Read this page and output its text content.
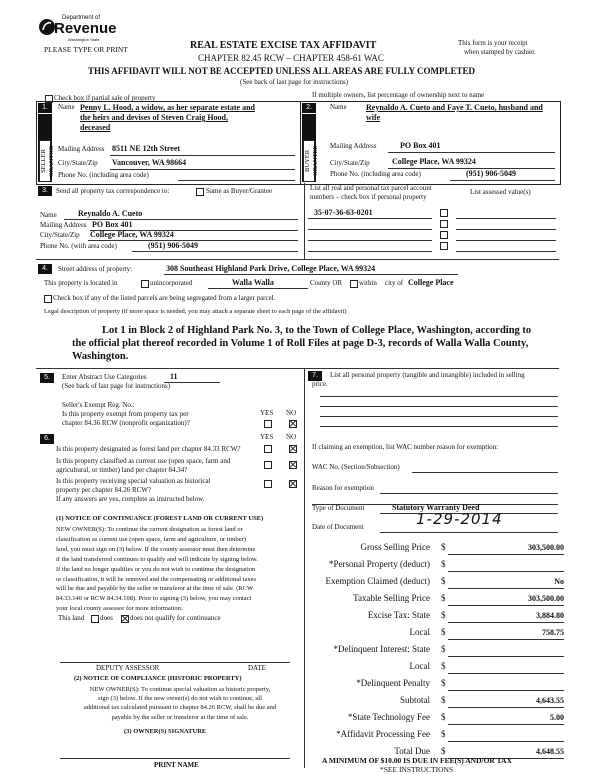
Department of
Revenue
Washington State
PLEASE TYPE OR PRINT	REAL ESTATE EXCISE TAX AFFIDAVIT
CHAPTER 82.45 RCW – CHAPTER 458-61 WAC
This form is your receipt
when stamped by cashier.
THIS AFFIDAVIT WILL NOT BE ACCEPTED UNLESS ALL AREAS ARE FULLY COMPLETED
(See back of last page for instructions)
Check box if partial sale of property	If multiple owners, list percentage of ownership next to name
1.
SELLER GRANTOR
Name Penny L. Hood, a widow, as her separate estate and
the heirs and devises of Steven Craig Hood,
deceased
Mailing Address 8511 NE 12th Street
City/State/Zip Vancouver, WA 98664
Phone No. (including area code)
2.
BUYER GRANTEE
Name Reynaldo A. Cueto and Faye T. Cueto, husband and
wife
Mailing Address	PO Box 401
City/State/Zip	College Place, WA 99324
Phone No. (including area code)	(951) 906-5049
3.	Send all property tax correspondence to:	Same as Buyer/Grantee	List all real and personal tax parcel account
numbers – check box if personal property
List assessed value(s)
Name	Reynaldo A. Cueto
Mailing Address PO Box 401
City/State/Zip College Place, WA 99324
Phone No. (with area code)	(951) 906-5049
35-07-36-63-0201
4.	Street address of property:	308 Southeast Highland Park Drive, College Place, WA 99324
This property is located in	unincorporated	Walla Walla	County OR within city of College Place
Check box if any of the listed parcels are being segregated from a larger parcel.
Legal description of property (if more space is needed, you may attach a separate sheet to each page of the affidavit)
Lot 1 in Block 2 of Highland Park No. 3, to the Town of College Place, Washington, according to
the official plat thereof recorded in Volume 1 of Roll Files at page D-3, records of Walla Walla County,
Washington.
5.	Enter Abstract Use Categories	11
(See back of last page for instructions)
Seller's Exempt Reg. No.:
YES NO
Is this property exempt from property tax per
chapter 84.36 RCW (nonprofit organization)?
6.	YES NO
Is this property designated as forest land per chapter 84.33 RCW?
Is this property classified as current use (open space, farm and
agricultural, or timber) land per chapter 84.34?
Is this property receiving special valuation as historical
property per chapter 84.26 RCW?
If any answers are yes, complete as instructed below.
(1) NOTICE OF CONTINUANCE (FOREST LAND OR CURRENT USE)
NEW OWNER(S): To continue the current designation as forest land or
classification as current use (open space, farm and agriculture, or timber)
land, you must sign on (3) below. If the county assessor must then determine
if the land transferred continues to qualify and will indicate by signing below.
If the land no longer qualifies or you do not wish to continue the designation
or classification, it will be removed and the compensating or additional taxes
will be due and payable by the seller or transferor at the time of sale. (RCW
84.33.140 or RCW 84.34.108). Prior to signing (3) below, you may contact
your local county assessor for more information.
This land does does not qualify for continuance
DEPUTY ASSESSOR	DATE
(2) NOTICE OF COMPLIANCE (HISTORIC PROPERTY)
NEW OWNER(S): To continue special valuation as historic property,
sign (3) below. If the new owner(s) do not wish to continue, all
additional tax calculated pursuant to chapter 84.26 RCW, shall be due and
payable by the seller or transferor at the time of sale.
(3) OWNER(S) SIGNATURE
PRINT NAME
7.	List all personal property (tangible and intangible) included in selling
price.
If claiming an exemption, list WAC number reason for exemption:
WAC No. (Section/Subsection)
Reason for exemption
Type of Document	Statutory Warranty Deed
Date of Document	1-29-2014
Gross Selling Price $	303,500.00
*Personal Property (deduct) $
Exemption Claimed (deduct) $	No
Taxable Selling Price $	303,500.00
Excise Tax: State $	3,884.80
Local $	758.75
*Delinquent Interest: State $
Local $
*Delinquent Penalty $
Subtotal $	4,643.55
*State Technology Fee $	5.00
*Affidavit Processing Fee $
Total Due $	4,648.55
A MINIMUM OF $10.00 IS DUE IN FEE(S) AND/OR TAX
*SEE INSTRUCTIONS
